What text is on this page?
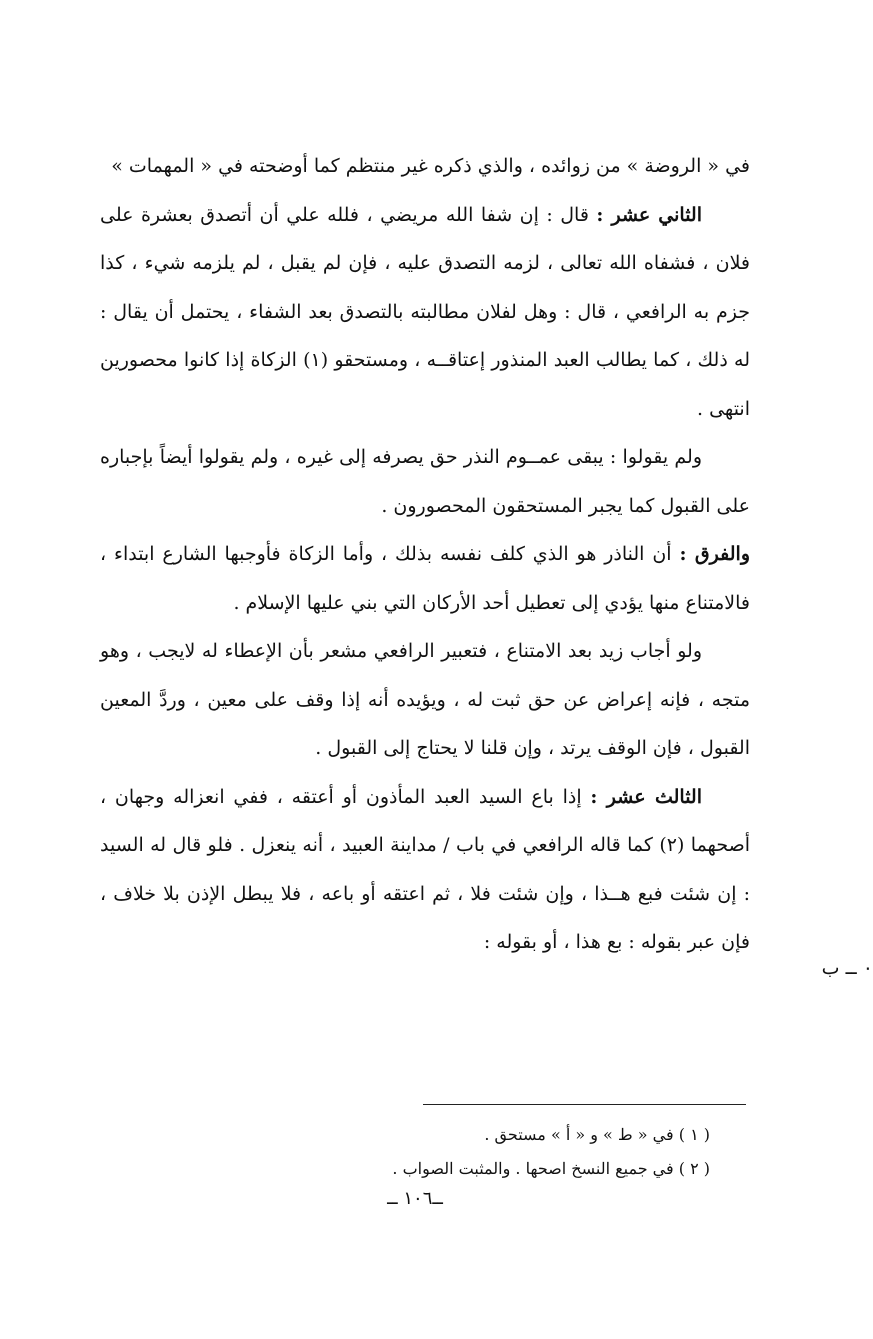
في « الروضة » من زوائده ، والذي ذكره غير منتظم كما أوضحته في « المهمات »

الثاني عشر : قال : إن شفا الله مريضي ، فلله علي أن أتصدق بعشرة على فلان ، فشفاه الله تعالى ، لزمه التصدق عليه ، فإن لم يقبل ، لم يلزمه شيء ، كذا جزم به الرافعي ، قال : وهل لفلان مطالبته بالتصدق بعد الشفاء ، يحتمل أن يقال : له ذلك ، كما يطالب العبد المنذور إعتاقــه ، ومستحقو (١) الزكاة إذا كانوا محصورين انتهى .

ولم يقولوا : يبقى عمــوم النذر حق يصرفه إلى غيره ، ولم يقولوا أيضاً بإجباره على القبول كما يجبر المستحقون المحصورون .

والفرق : أن الناذر هو الذي كلف نفسه بذلك ، وأما الزكاة فأوجبها الشارع ابتداء ، فالامتناع منها يؤدي إلى تعطيل أحد الأركان التي بني عليها الإسلام .

ولو أجاب زيد بعد الامتناع ، فتعبير الرافعي مشعر بأن الإعطاء له لايجب ، وهو متجه ، فإنه إعراض عن حق ثبت له ، ويؤيده أنه إذا وقف على معين ، وردَّ المعين القبول ، فإن الوقف يرتد ، وإن قلنا لا يحتاج إلى القبول .

الثالث عشر : إذا باع السيد العبد المأذون أو أعتقه ، ففي انعزاله وجهان ، أصحهما (٢) كما قاله الرافعي في باب / مداينة العبيد ، أنه ينعزل . فلو قال له السيد : إن شئت فبع هــذا ، وإن شئت فلا ، ثم اعتقه أو باعه ، فلا يبطل الإذن بلا خلاف ، فإن عبر بقوله : بع هذا ، أو بقوله :

٠ ــ ب
( ١ ) في « ط » و « أ » مستحق .
( ٢ ) في جميع النسخ اصحها . والمثبت الصواب .
ــ١٠٦ ــ
